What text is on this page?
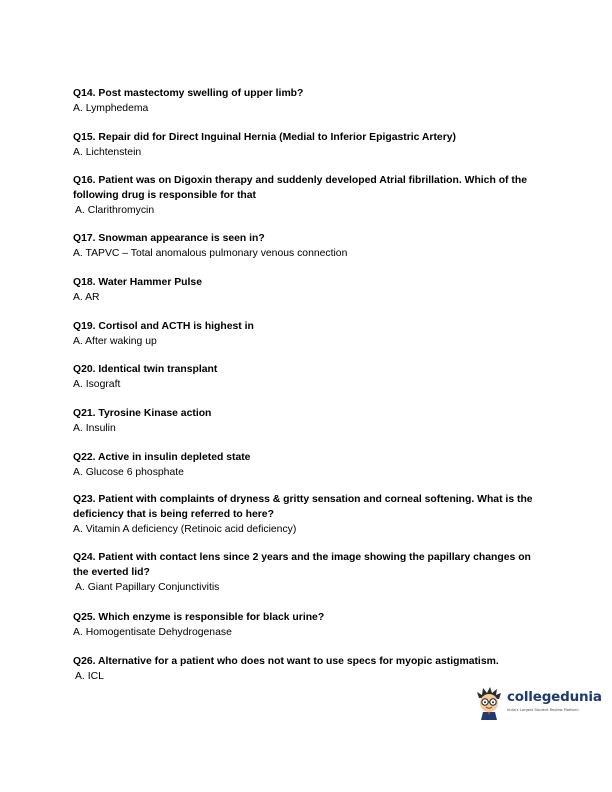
Q14. Post mastectomy swelling of upper limb?

A. Lymphedema

Q15. Repair did for Direct Inguinal Hernia (Medial to Inferior Epigastric Artery)

A. Lichtenstein

Q16. Patient was on Digoxin therapy and suddenly developed Atrial fibrillation. Which of the following drug is responsible for that

A. Clarithromycin

Q17. Snowman appearance is seen in?

A. TAPVC – Total anomalous pulmonary venous connection

Q18. Water Hammer Pulse

A. AR

Q19. Cortisol and ACTH is highest in

A. After waking up

Q20. Identical twin transplant

A. Isograft

Q21. Tyrosine Kinase action

A. Insulin

Q22. Active in insulin depleted state

A. Glucose 6 phosphate

Q23. Patient with complaints of dryness & gritty sensation and corneal softening. What is the deficiency that is being referred to here?

A. Vitamin A deficiency (Retinoic acid deficiency)

Q24. Patient with contact lens since 2 years and the image showing the papillary changes on the everted lid?

A. Giant Papillary Conjunctivitis

Q25. Which enzyme is responsible for black urine?

A. Homogentisate Dehydrogenase

Q26. Alternative for a patient who does not want to use specs for myopic astigmatism.

A. ICL

collegedunia
India's Largest Student Review Platform
